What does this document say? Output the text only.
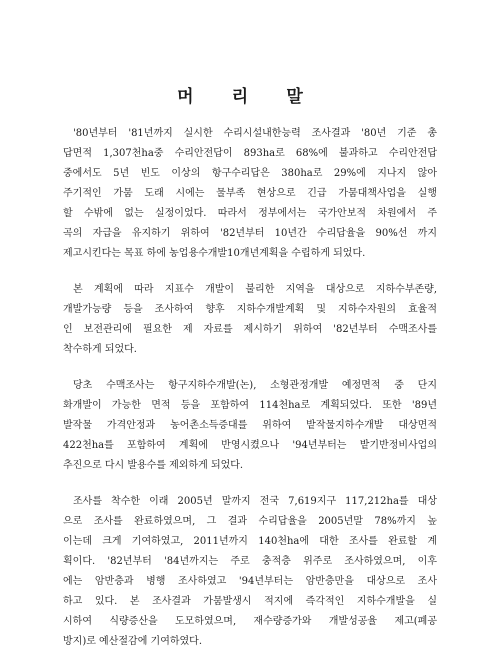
머 리 말
'80년부터 '81년까지 실시한 수리시설내한능력 조사결과 '80년 기준 총
답면적 1,307천ha중 수리안전답이 893ha로 68%에 불과하고 수리안전답
중에서도 5년 빈도 이상의 항구수리답은 380ha로 29%에 지나지 않아
주기적인 가뭄 도래 시에는 물부족 현상으로 긴급 가뭄대책사업을 실행
할 수밖에 없는 실정이었다. 따라서 정부에서는 국가안보적 차원에서 주
곡의 자급을 유지하기 위하여 '82년부터 10년간 수리답율을 90%선 까지
제고시킨다는 목표 하에 농업용수개발10개년계획을 수립하게 되었다.
본 계획에 따라 지표수 개발이 불리한 지역을 대상으로 지하수부존량,
개발가능량 등을 조사하여 향후 지하수개발계획 및 지하수자원의 효율적
인 보전관리에 필요한 제 자료를 제시하기 위하여 '82년부터 수맥조사를
착수하게 되었다.
당초 수맥조사는 항구지하수개발(논), 소형관정개발 예정면적 중 단지
화개발이 가능한 면적 등을 포함하여 114천ha로 계획되었다. 또한 '89년
발작물 가격안정과 농어촌소득증대를 위하여 밭작물지하수개발 대상면적
422천ha를 포함하여 계획에 반영시켰으나 '94년부터는 밭기반정비사업의
추진으로 다시 발용수를 제외하게 되었다.
조사를 착수한 이래 2005년 말까지 전국 7,619지구 117,212ha를 대상
으로 조사를 완료하였으며, 그 결과 수리답율을 2005년말 78%까지 높
이는데 크게 기여하였고, 2011년까지 140천ha에 대한 조사를 완료할 계
획이다. '82년부터 '84년까지는 주로 충적층 위주로 조사하였으며, 이후
에는 암반층과 병행 조사하였고 '94년부터는 암반층만을 대상으로 조사
하고 있다. 본 조사결과 가뭄발생시 적지에 즉각적인 지하수개발을 실
시하여 식량증산을 도모하였으며, 재수량증가와 개발성공율 제고(폐공
방지)로 예산절감에 기여하였다.
